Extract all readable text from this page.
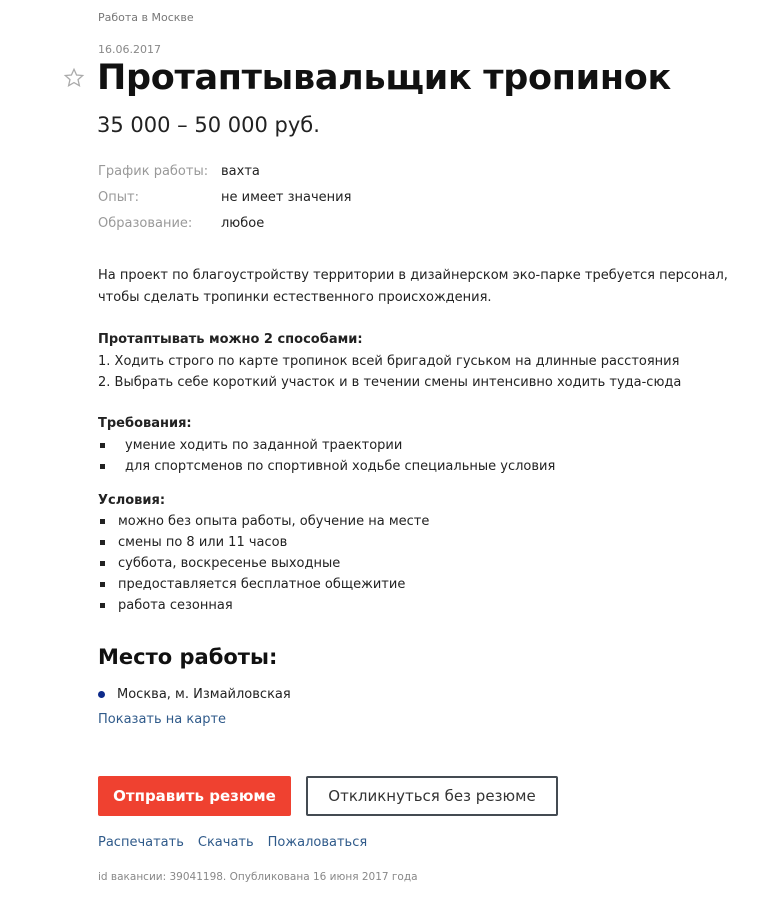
Работа в Москве
16.06.2017
Протаптывальщик тропинок
35 000 – 50 000 руб.
График работы: вахта
Опыт:	не имеет значения
Образование:	любое
На проект по благоустройству территории в дизайнерском эко-парке требуется персонал,
чтобы сделать тропинки естественного происхождения.
Протаптывать можно 2 способами:
1. Ходить строго по карте тропинок всей бригадой гуськом на длинные расстояния
2. Выбрать себе короткий участок и в течении смены интенсивно ходить туда-сюда
Требования:
умение ходить по заданной траектории
для спортсменов по спортивной ходьбе специальные условия
Условия:
можно без опыта работы, обучение на месте
смены по 8 или 11 часов
суббота, воскресенье выходные
предоставляется бесплатное общежитие
работа сезонная
Место работы:
Москва, м. Измайловская
Показать на карте
Отправить резюме	Откликнуться без резюме
Распечатать Скачать Пожаловаться
id вакансии: 39041198. Опубликована 16 июня 2017 года
